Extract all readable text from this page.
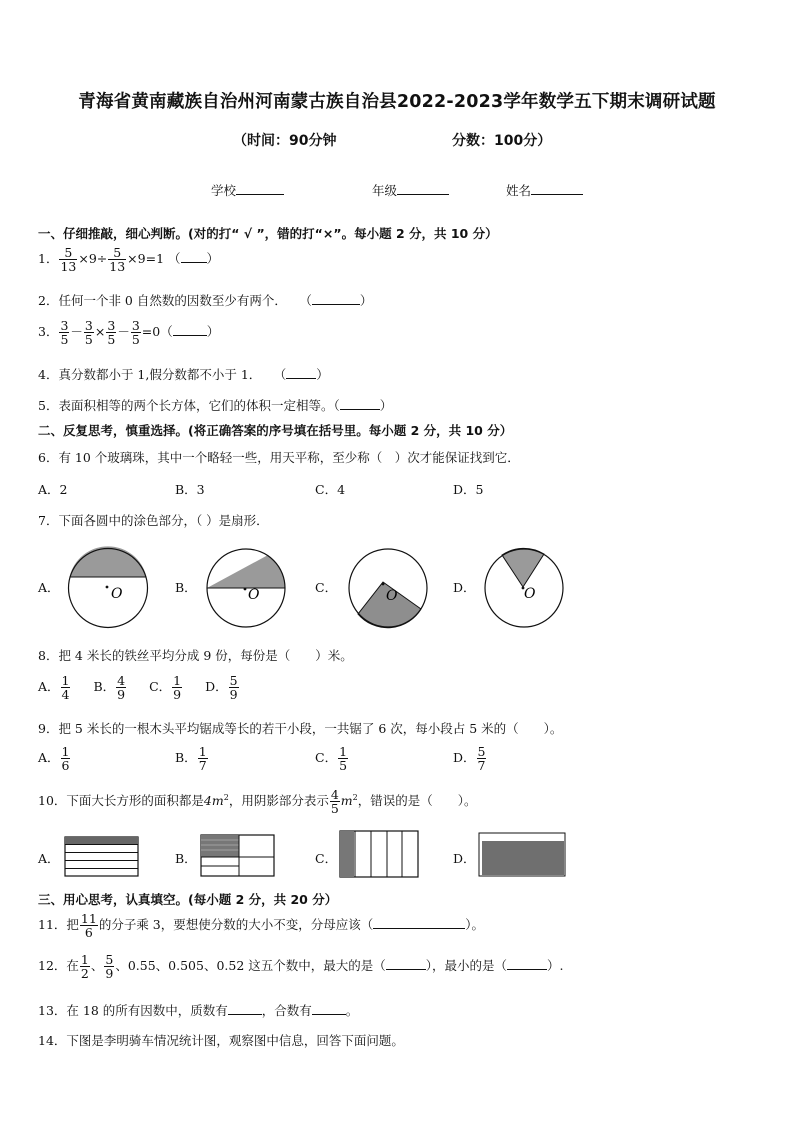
青海省黄南藏族自治州河南蒙古族自治县2022-2023学年数学五下期末调研试题
（时间：90分钟	分数：100分）
学校	年级	姓名
一、仔细推敲，细心判断。(对的打“ √ ”，错的打“×”。每小题 2 分，共 10 分）
1． $\frac{5}{13} \times 9\div \frac{5}{13} \times 9=1$ （ ）
2．任何一个非 0 自然数的因数至少有两个．　　（	）
3． $\frac{3}{5} - \frac{3}{5} \times \frac{3}{5} - \frac{3}{5} =0$（	）
4．真分数都小于 1,假分数都不小于 1．　　（ ）
5．表面积相等的两个长方体，它们的体积一定相等。（	）
二、反复思考，慎重选择。(将正确答案的序号填在括号里。每小题 2 分，共 10 分）
6．有 10 个玻璃珠，其中一个略轻一些，用天平称，至少称（　）次才能保证找到它．
A．2	B．3	C．4	D．5
7．下面各圆中的涂色部分，（ ）是扇形．
A．	B．	C．	D．
O	O	O	O
8．把 4 米长的铁丝平均分成 9 份，每份是（　　）米。
A． $\frac{1}{4}$ B． $\frac{4}{9}$ C． $\frac{1}{9}$ D． $\frac{5}{9}$
9．把 5 米长的一根木头平均锯成等长的若干小段，一共锯了 6 次，每小段占 5 米的（　　）。
A． $\frac{1}{6}$	B． $\frac{1}{7}$	C． $\frac{1}{5}$	D． $\frac{5}{7}$
10．下面大长方形的面积都是$4m^2$，用阴影部分表示 $\frac{4}{5} m^2$，错误的是（　　）。
A．	B．	C．	D．
三、用心思考，认真填空。(每小题 2 分，共 20 分）
11．把 $\frac{11}{6}$ 的分子乘 3，要想使分数的大小不变，分母应该（	）。
12．在 $\frac{1}{2}$ 、 $\frac{5}{9}$ 、0.55、0.505、0.52 这五个数中，最大的是（	），最小的是（	）.
13．在 18 的所有因数中，质数有	，合数有	。
14．下图是李明骑车情况统计图，观察图中信息，回答下面问题。
